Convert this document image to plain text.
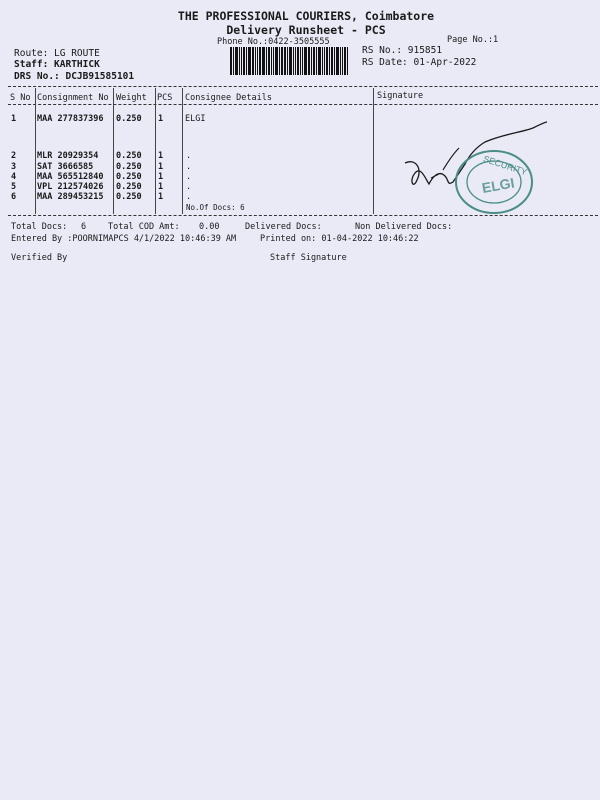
THE PROFESSIONAL COURIERS, Coimbatore
Delivery Runsheet - PCS
Phone No.:0422-3505555	Page No.:1
Route: LG ROUTE
Staff: KARTHICK
DRS No.: DCJB91585101
RS No.: 915851
RS Date: 01-Apr-2022
S No Consignment No Weight PCS Consignee Details	Signature
1 MAA 277837396 0.250 1	ELGI
2 MLR 20929354 0.250 1	.
3 SAT 3666585	0.250 1	.
4 MAA 565512840 0.250 1	.
5 VPL 212574026 0.250 1	.
6 MAA 289453215 0.250 1	.
No.Of Docs: 6
SECURITY
ELGI
Total Docs: 6	Total COD Amt: 0.00	Delivered Docs:	Non Delivered Docs:
Entered By :POORNIMAPCS 4/1/2022 10:46:39 AM	Printed on: 01-04-2022 10:46:22
Verified By	Staff Signature
